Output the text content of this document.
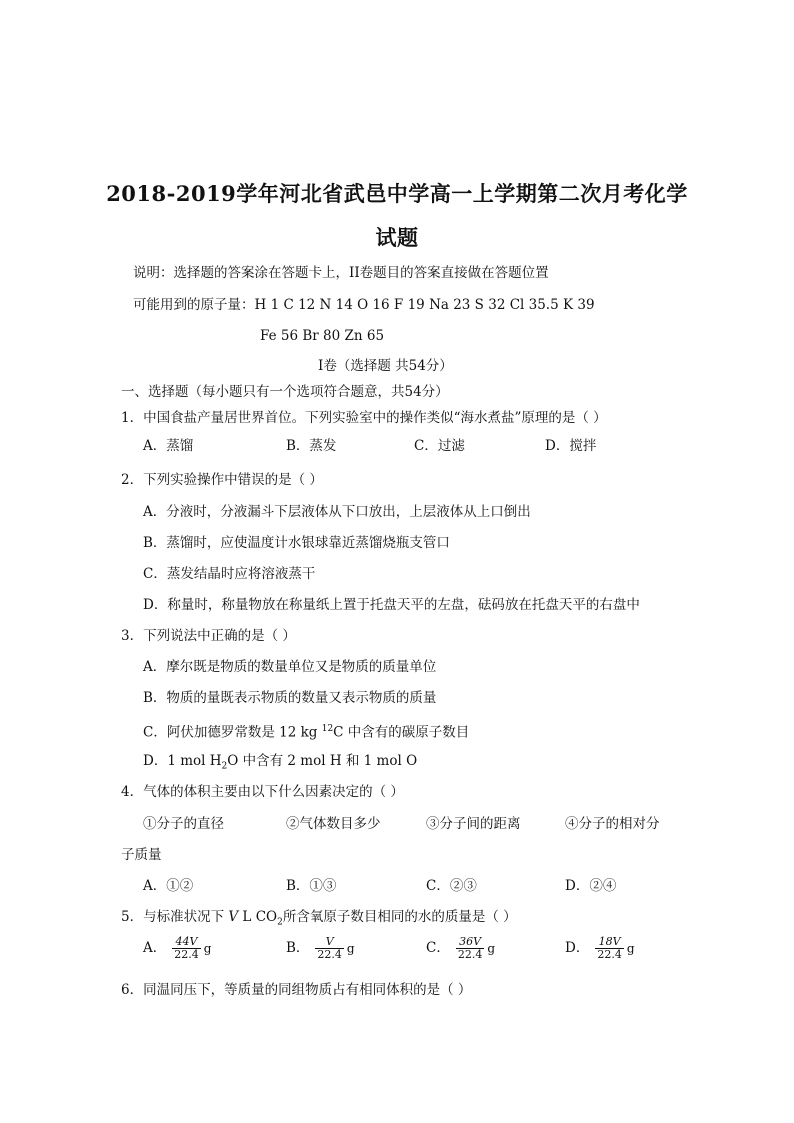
2018-2019学年河北省武邑中学高一上学期第二次月考化学
试题
说明：选择题的答案涂在答题卡上，II卷题目的答案直接做在答题位置
可能用到的原子量：H 1 C 12 N 14 O 16 F 19 Na 23 S 32 Cl 35.5 K 39
Fe 56 Br 80 Zn 65
Ⅰ卷（选择题 共54分）
一、选择题（每小题只有一个选项符合题意，共54分）
1．中国食盐产量居世界首位。下列实验室中的操作类似“海水煮盐”原理的是（ ）
A．蒸馏	B．蒸发	C．过滤	D．搅拌
2．下列实验操作中错误的是（ ）
A．分液时，分液漏斗下层液体从下口放出，上层液体从上口倒出
B．蒸馏时，应使温度计水银球靠近蒸馏烧瓶支管口
C．蒸发结晶时应将溶液蒸干
D．称量时，称量物放在称量纸上置于托盘天平的左盘，砝码放在托盘天平的右盘中
3．下列说法中正确的是（ ）
A．摩尔既是物质的数量单位又是物质的质量单位
B．物质的量既表示物质的数量又表示物质的质量
C．阿伏加德罗常数是 12 kg $^{12}$C 中含有的碳原子数目
D．1 mol $H_2O$ 中含有 2 mol H 和 1 mol O
4．气体的体积主要由以下什么因素决定的（ ）
①分子的直径	②气体数目多少	③分子间的距离	④分子的相对分
子质量
A．①②	B．①③	C．②③	D．②④
5．与标准状况下 V L $CO_2$所含氧原子数目相同的水的质量是（ ）
A． $\frac{44V}{22.4}$ g	B． $\frac{V}{22.4}$ g	C． $\frac{36V}{22.4}$ g	D． $\frac{18V}{22.4}$ g
6．同温同压下，等质量的同组物质占有相同体积的是（ ）
